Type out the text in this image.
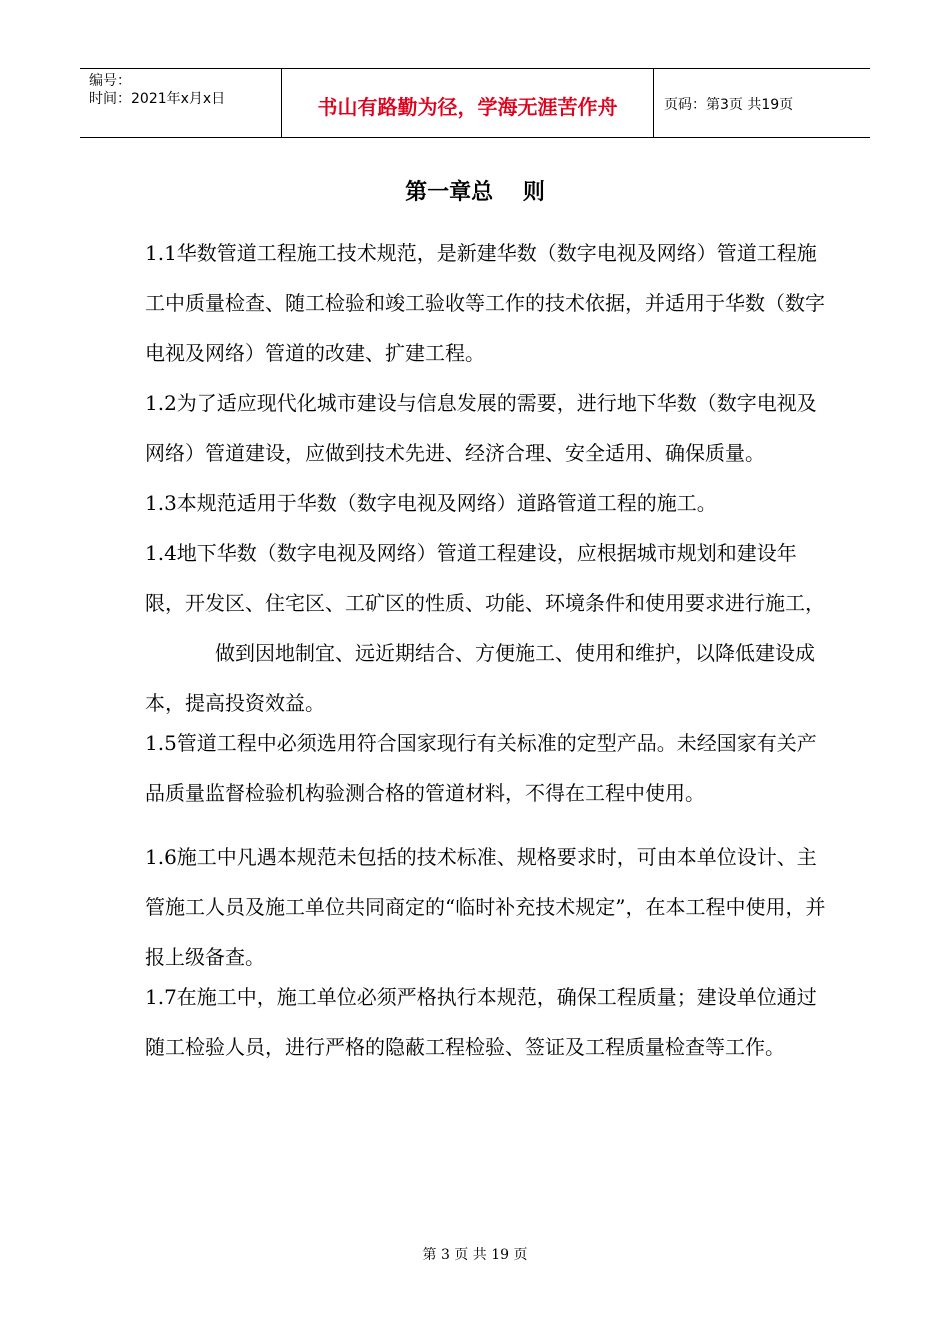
编号：
时间：2021年x月x日	书山有路勤为径，学海无涯苦作舟	页码：第3页 共19页
第一章总　 则

1.1华数管道工程施工技术规范，是新建华数（数字电视及网络）管道工程施工中质量检查、随工检验和竣工验收等工作的技术依据，并适用于华数（数字电视及网络）管道的改建、扩建工程。

1.2为了适应现代化城市建设与信息发展的需要，进行地下华数（数字电视及网络）管道建设，应做到技术先进、经济合理、安全适用、确保质量。

1.3本规范适用于华数（数字电视及网络）道路管道工程的施工。

1.4地下华数（数字电视及网络）管道工程建设，应根据城市规划和建设年限，开发区、住宅区、工矿区的性质、功能、环境条件和使用要求进行施工，做到因地制宜、远近期结合、方便施工、使用和维护，以降低建设成本，提高投资效益。

1.5管道工程中必须选用符合国家现行有关标准的定型产品。未经国家有关产品质量监督检验机构验测合格的管道材料，不得在工程中使用。

1.6施工中凡遇本规范未包括的技术标准、规格要求时，可由本单位设计、主管施工人员及施工单位共同商定的“临时补充技术规定”，在本工程中使用，并报上级备查。

1.7在施工中，施工单位必须严格执行本规范，确保工程质量；建设单位通过随工检验人员，进行严格的隐蔽工程检验、签证及工程质量检查等工作。

第 3 页 共 19 页
